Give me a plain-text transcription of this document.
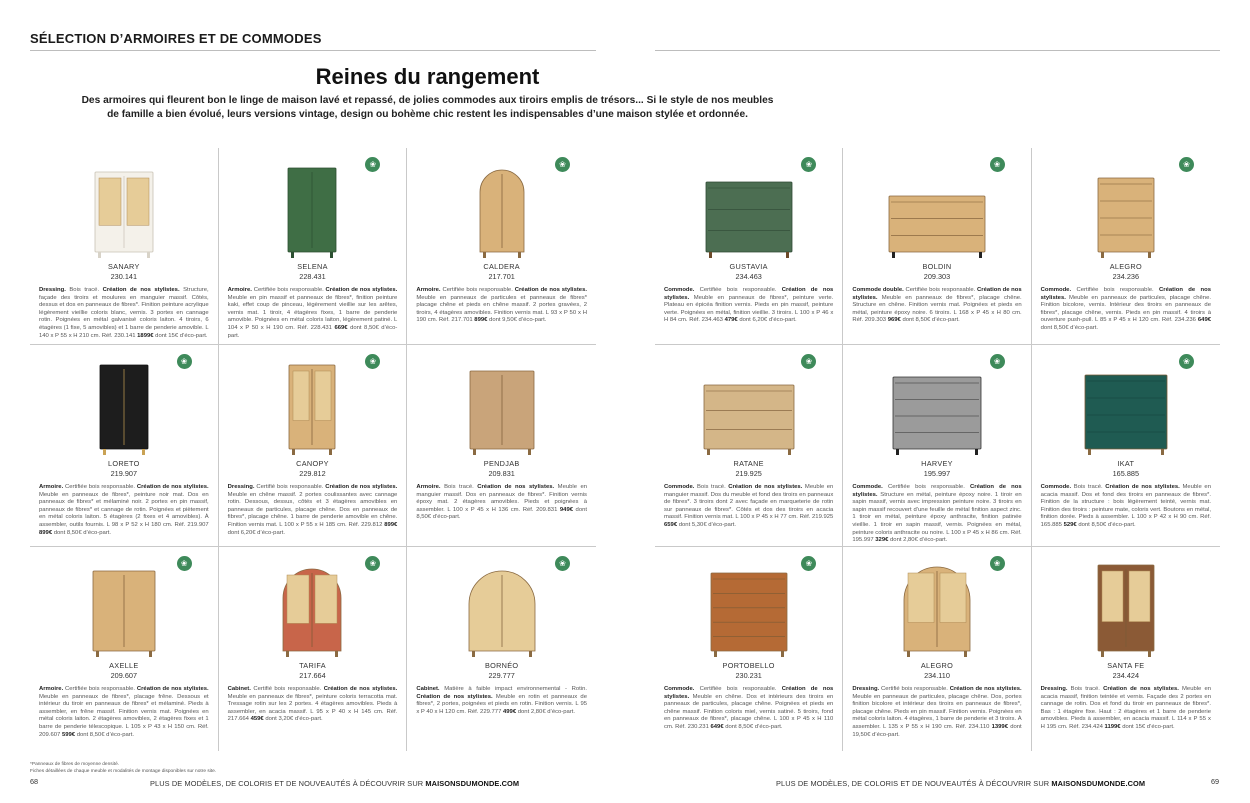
SÉLECTION D’ARMOIRES ET DE COMMODES
Reines du rangement
Des armoires qui fleurent bon le linge de maison lavé et repassé, de jolies commodes aux tiroirs emplis de trésors... Si le style de nos meubles de famille a bien évolué, leurs versions vintage, design ou bohème chic restent les indispensables d’une maison stylée et ordonnée.
SANARY
230.141
Dressing. Bois tracé. Création de nos stylistes. Structure, façade des tiroirs et moulures en manguier massif. Côtés, dessus et dos en panneaux de fibres*. Finition peinture acrylique légèrement vieillie coloris blanc, vernis. 3 portes en cannage rotin. Poignées en métal galvanisé coloris laiton. 4 tiroirs, 6 étagères (1 fixe, 5 amovibles) et 1 barre de penderie amovible. L 140 x P 55 x H 210 cm. Réf. 230.141 1899€ dont 15€ d’éco-part.
❀
SELENA
228.431
Armoire. Certifiée bois responsable. Création de nos stylistes. Meuble en pin massif et panneaux de fibres*, finition peinture kaki, effet coup de pinceau, légèrement vieillie sur les arêtes, vernis mat. 1 tiroir, 4 étagères fixes, 1 barre de penderie amovible. Poignées en métal coloris laiton, légèrement patiné. L 104 x P 50 x H 190 cm. Réf. 228.431 669€ dont 8,50€ d’éco-part.
❀
CALDERA
217.701
Armoire. Certifiée bois responsable. Création de nos stylistes. Meuble en panneaux de particules et panneaux de fibres* placage chêne et pieds en chêne massif. 2 portes gravées, 2 tiroirs, 4 étagères amovibles. Finition vernis mat. L 93 x P 50 x H 190 cm. Réf. 217.701 899€ dont 9,50€ d’éco-part.
❀
LORETO
219.907
Armoire. Certifiée bois responsable. Création de nos stylistes. Meuble en panneaux de fibres*, peinture noir mat. Dos en panneaux de fibres* et mélaminé noir. 2 portes en pin massif, panneaux de fibres* et cannage de rotin. Poignées et piètement en métal coloris laiton. 5 étagères (2 fixes et 4 amovibles). À assembler, outils fournis. L 98 x P 52 x H 180 cm. Réf. 219.907 899€ dont 8,50€ d’éco-part.
❀
CANOPY
229.812
Dressing. Certifié bois responsable. Création de nos stylistes. Meuble en chêne massif. 2 portes coulissantes avec cannage rotin. Dessous, dessus, côtés et 3 étagères amovibles en panneaux de particules, placage chêne. Dos en panneaux de fibres*, placage chêne. 1 barre de penderie amovible en chêne. Finition vernis mat. L 100 x P 55 x H 185 cm. Réf. 229.812 899€ dont 6,20€ d’éco-part.
PENDJAB
209.831
Armoire. Bois tracé. Création de nos stylistes. Meuble en manguier massif. Dos en panneaux de fibres*. Finition vernis époxy mat. 2 étagères amovibles. Pieds et poignées à assembler. L 100 x P 45 x H 136 cm. Réf. 209.831 949€ dont 8,50€ d’éco-part.
❀
AXELLE
209.607
Armoire. Certifiée bois responsable. Création de nos stylistes. Meuble en panneaux de fibres*, placage frêne. Dessous et intérieur du tiroir en panneaux de fibres* et mélaminé. Pieds à assembler, en frêne massif. Finition vernis mat. Poignées en métal coloris laiton. 2 étagères amovibles, 2 étagères fixes et 1 barre de penderie télescopique. L 105 x P 43 x H 150 cm. Réf. 209.607 599€ dont 8,50€ d’éco-part.
❀
TARIFA
217.664
Cabinet. Certifié bois responsable. Création de nos stylistes. Meuble en panneaux de fibres*, peinture coloris terracotta mat. Tressage rotin sur les 2 portes. 4 étagères amovibles. Pieds à assembler, en acacia massif. L 95 x P 40 x H 145 cm. Réf. 217.664 459€ dont 3,20€ d’éco-part.
❀
BORNÉO
229.777
Cabinet. Matière à faible impact environnemental - Rotin. Création de nos stylistes. Meuble en rotin et panneaux de fibres*, 2 portes, poignées et pieds en rotin. Finition vernis. L 95 x P 40 x H 120 cm. Réf. 229.777 499€ dont 2,80€ d’éco-part.
❀
GUSTAVIA
234.463
Commode. Certifiée bois responsable. Création de nos stylistes. Meuble en panneaux de fibres*, peinture verte. Plateau en épicéa finition vernis. Pieds en pin massif, peinture verte. Poignées en métal, finition vieillie. 3 tiroirs. L 100 x P 46 x H 84 cm. Réf. 234.463 479€ dont 6,20€ d’éco-part.
❀
BOLDIN
209.303
Commode double. Certifiée bois responsable. Création de nos stylistes. Meuble en panneaux de fibres*, placage chêne. Structure en chêne. Finition vernis mat. Poignées et pieds en métal, peinture époxy noire. 6 tiroirs. L 168 x P 45 x H 80 cm. Réf. 209.303 969€ dont 8,50€ d’éco-part.
❀
ALEGRO
234.236
Commode. Certifiée bois responsable. Création de nos stylistes. Meuble en panneaux de particules, placage chêne. Finition bicolore, vernis. Intérieur des tiroirs en panneaux de fibres*, placage chêne, vernis. Pieds en pin massif. 4 tiroirs à ouverture push-pull. L 85 x P 45 x H 120 cm. Réf. 234.236 649€ dont 8,50€ d’éco-part.
❀
RATANE
219.925
Commode. Bois tracé. Création de nos stylistes. Meuble en manguier massif. Dos du meuble et fond des tiroirs en panneaux de fibres*. 3 tiroirs dont 2 avec façade en marqueterie de rotin sur panneaux de fibres*. Côtés et dos des tiroirs en acacia massif. Finition vernis mat. L 100 x P 45 x H 77 cm. Réf. 219.925 659€ dont 5,30€ d’éco-part.
❀
HARVEY
195.997
Commode. Certifiée bois responsable. Création de nos stylistes. Structure en métal, peinture époxy noire. 1 tiroir en sapin massif, vernis avec impression peinture noire. 3 tiroirs en sapin massif recouvert d’une feuille de métal finition aspect zinc. 1 tiroir en métal, peinture époxy anthracite, finition patinée vieillie. 1 tiroir en sapin massif, vernis. Poignées en métal, peinture coloris anthracite ou noire. L 100 x P 45 x H 86 cm. Réf. 195.997 329€ dont 2,80€ d’éco-part.
❀
IKAT
165.885
Commode. Bois tracé. Création de nos stylistes. Meuble en acacia massif. Dos et fond des tiroirs en panneaux de fibres*. Finition de la structure : bois légèrement teinté, vernis mat. Finition des tiroirs : peinture mate, coloris vert. Boutons en métal, finition dorée. Pieds à assembler. L 100 x P 42 x H 90 cm. Réf. 165.885 529€ dont 8,50€ d’éco-part.
❀
PORTOBELLO
230.231
Commode. Certifiée bois responsable. Création de nos stylistes. Meuble en chêne. Dos et intérieurs des tiroirs en panneaux de particules, placage chêne. Poignées et pieds en chêne massif. Finition coloris miel, vernis satiné. 5 tiroirs, fond en panneaux de fibres*, placage chêne. L 100 x P 45 x H 110 cm. Réf. 230.231 649€ dont 8,50€ d’éco-part.
❀
ALEGRO
234.110
Dressing. Certifié bois responsable. Création de nos stylistes. Meuble en panneaux de particules, placage chêne. Dos, portes finition bicolore et intérieur des tiroirs en panneaux de fibres*, placage chêne. Pieds en pin massif. Finition vernis. Poignées en métal coloris laiton. 4 étagères, 1 barre de penderie et 3 tiroirs. À assembler. L 135 x P 55 x H 190 cm. Réf. 234.110 1399€ dont 19,50€ d’éco-part.
SANTA FE
234.424
Dressing. Bois tracé. Création de nos stylistes. Meuble en acacia massif, finition teintée et vernis. Façade des 2 portes en cannage de rotin. Dos et fond du tiroir en panneaux de fibres*. Bas : 1 étagère fixe. Haut : 2 étagères et 1 barre de penderie amovibles. Pieds à assembler, en acacia massif. L 114 x P 55 x H 195 cm. Réf. 234.424 1199€ dont 15€ d’éco-part.
*Panneaux de fibres de moyenne densité.
Fiches détaillées de chaque meuble et modalités de montage disponibles sur notre site.
68	PLUS DE MODÈLES, DE COLORIS ET DE NOUVEAUTÉS À DÉCOUVRIR SUR MAISONSDUMONDE.COM	PLUS DE MODÈLES, DE COLORIS ET DE NOUVEAUTÉS À DÉCOUVRIR SUR MAISONSDUMONDE.COM	69
